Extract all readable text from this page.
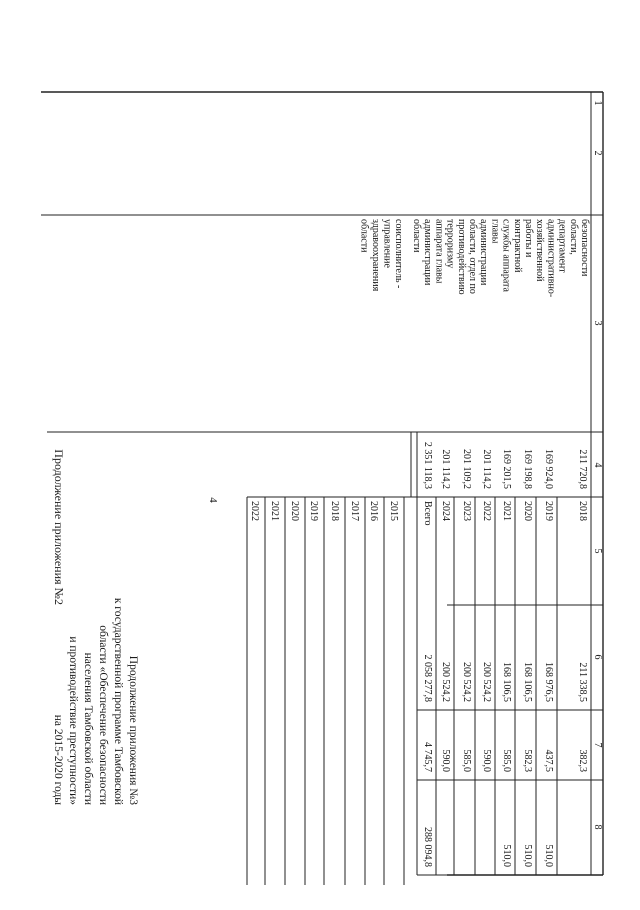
1
2
3
4
5
6
7
8
безопасности
области,
департамент
административно-
хозяйственной
работы и
контрактной
службы аппарата
главы
администрации
области, отдел по
противодействию
терроризму
аппарата главы
администрации
области
соисполнитель -
управление
здравоохранения
области
2018
211 720,8
211 338,5
382,3
2019
169 924,0
168 976,5
437,5
510,0
2020
169 198,8
168 106,5
582,3
510,0
2021
169 201,5
168 106,5
585,0
510,0
2022
201 114,2
200 524,2
590,0
2023
201 109,2
200 524,2
585,0
2024
201 114,2
200 524,2
590,0
Всего
2 351 118,3
2 058 277,8
4 745,7
288 094,8
2015
2016
2017
2018
2019
2020
2021
2022
4
Продолжение приложения №2
Продолжение приложения №3
к государственной программе Тамбовской
области «Обеспечение безопасности
населения Тамбовской области
и противодействие преступности»
на 2015-2020 годы
